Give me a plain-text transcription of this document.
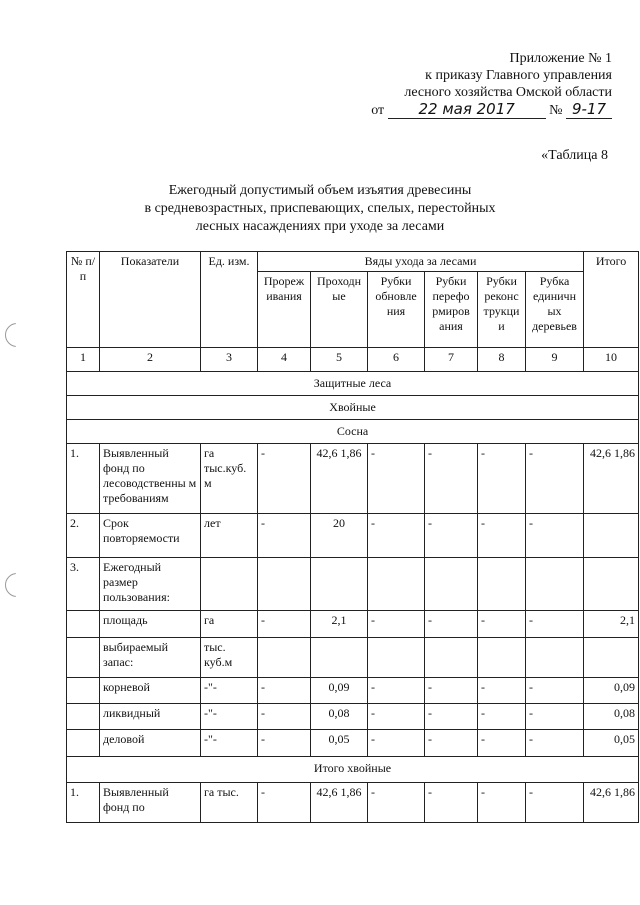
Приложение № 1
к приказу Главного управления
лесного хозяйства Омской области
от 22 мая 2017 № 9-17
«Таблица 8
Ежегодный допустимый объем изъятия древесины
в средневозрастных, приспевающих, спелых, перестойных
лесных насаждениях при уходе за лесами
№ п/п	Показатели	Ед. изм.	Вяды ухода за лесами						Итого
			Прореж ивания	Проходн ые	Рубки обновле ния	Рубки перефо рмиров ания	Рубки реконс трукци и	Рубка единичн ых деревьев	
1	2	3	4	5	6	7	8	9	10
Защитные леса									
Хвойные									
Сосна									
1.	Выявленный фонд по лесоводственны м требованиям	га тыс.куб. м	-	42,6 1,86	-	-	-	-	42,6 1,86
2.	Срок повторяемости	лет	-	20	-	-	-	-	
3.	Ежегодный размер пользования:								
	площадь	га	-	2,1	-	-	-	-	2,1
	выбираемый запас:	тыс. куб.м							
	корневой	-"-	-	0,09	-	-	-	-	0,09
	ликвидный	-"-	-	0,08	-	-	-	-	0,08
	деловой	-"-	-	0,05	-	-	-	-	0,05
Итого хвойные									
1.	Выявленный фонд по	га тыс.	-	42,6 1,86	-	-	-	-	42,6 1,86
